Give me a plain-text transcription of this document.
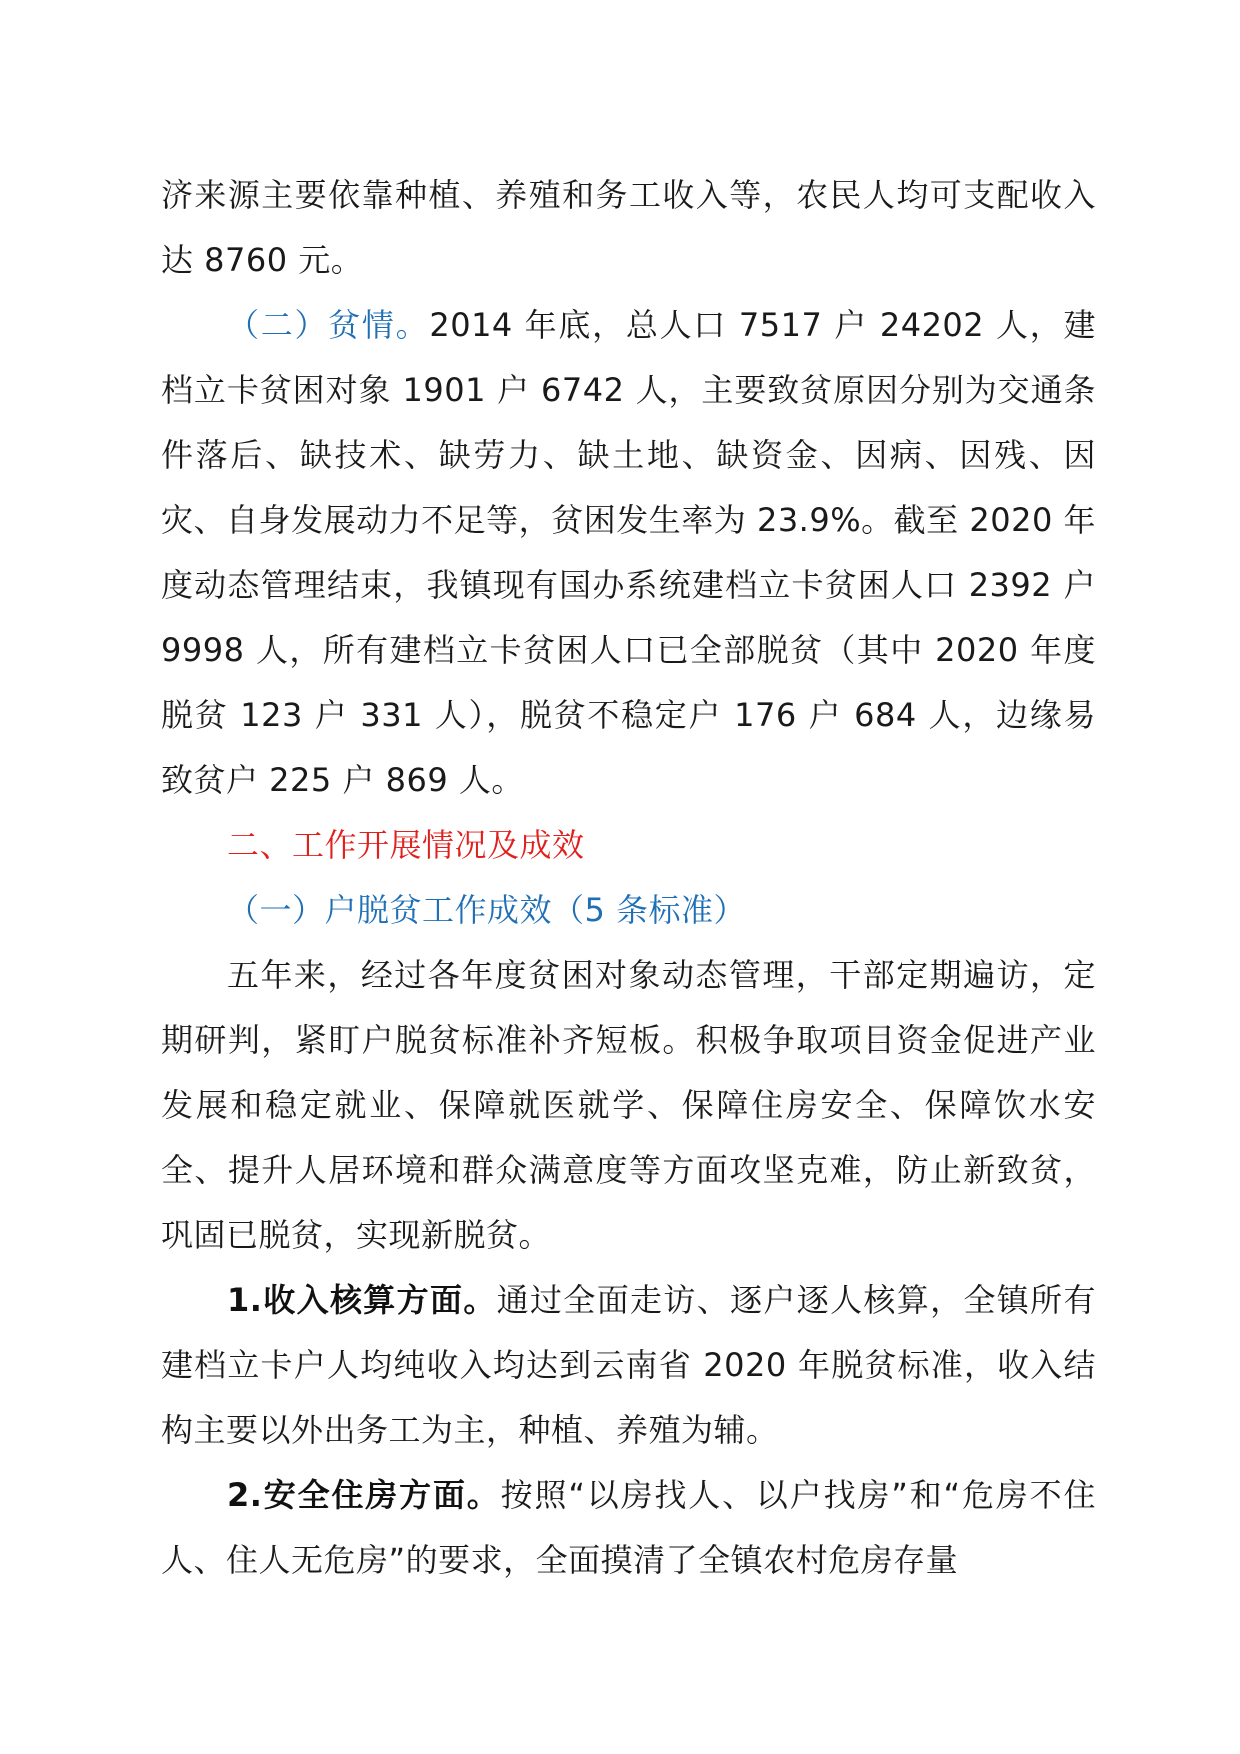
济来源主要依靠种植、养殖和务工收入等，农民人均可支配收入达 8760 元。

（二）贫情。2014 年底，总人口 7517 户 24202 人，建档立卡贫困对象 1901 户 6742 人，主要致贫原因分别为交通条件落后、缺技术、缺劳力、缺土地、缺资金、因病、因残、因灾、自身发展动力不足等，贫困发生率为 23.9%。截至 2020 年度动态管理结束，我镇现有国办系统建档立卡贫困人口 2392 户 9998 人，所有建档立卡贫困人口已全部脱贫（其中 2020 年度脱贫 123 户 331 人），脱贫不稳定户 176 户 684 人，边缘易致贫户 225 户 869 人。

二、工作开展情况及成效

（一）户脱贫工作成效（5 条标准）

五年来，经过各年度贫困对象动态管理，干部定期遍访，定期研判，紧盯户脱贫标准补齐短板。积极争取项目资金促进产业发展和稳定就业、保障就医就学、保障住房安全、保障饮水安全、提升人居环境和群众满意度等方面攻坚克难，防止新致贫，巩固已脱贫，实现新脱贫。

1.收入核算方面。通过全面走访、逐户逐人核算，全镇所有建档立卡户人均纯收入均达到云南省 2020 年脱贫标准，收入结构主要以外出务工为主，种植、养殖为辅。

2.安全住房方面。按照“以房找人、以户找房”和“危房不住人、住人无危房”的要求，全面摸清了全镇农村危房存量
